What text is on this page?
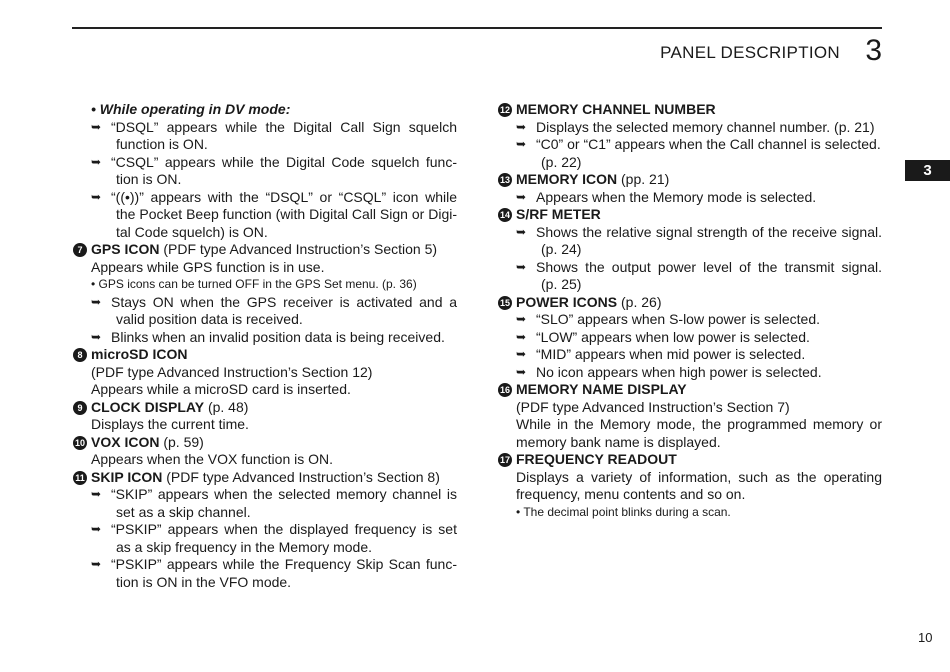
PANEL DESCRIPTION 3
3
• While operating in DV mode:
➥ “DSQL” appears while the Digital Call Sign squelch
function is ON.
➥ “CSQL” appears while the Digital Code squelch func-
tion is ON.
➥ “((•))” appears with the “DSQL” or “CSQL” icon while
the Pocket Beep function (with Digital Call Sign or Digi-
tal Code squelch) is ON.
7 GPS ICON (PDF type Advanced Instruction’s Section 5)
Appears while GPS function is in use.
• GPS icons can be turned OFF in the GPS Set menu. (p. 36)
➥ Stays ON when the GPS receiver is activated and a
valid position data is received.
➥ Blinks when an invalid position data is being received.
8 microSD ICON
(PDF type Advanced Instruction’s Section 12)
Appears while a microSD card is inserted.
9 CLOCK DISPLAY (p. 48)
Displays the current time.
10 VOX ICON (p. 59)
Appears when the VOX function is ON.
11 SKIP ICON (PDF type Advanced Instruction’s Section 8)
➥ “SKIP” appears when the selected memory channel is
set as a skip channel.
➥ “PSKIP” appears when the displayed frequency is set
as a skip frequency in the Memory mode.
➥ “PSKIP” appears while the Frequency Skip Scan func-
tion is ON in the VFO mode.
12 MEMORY CHANNEL NUMBER
➥ Displays the selected memory channel number. (p. 21)
➥ “C0” or “C1” appears when the Call channel is selected.
(p. 22)
13 MEMORY ICON (pp. 21)
➥ Appears when the Memory mode is selected.
14 S/RF METER
➥ Shows the relative signal strength of the receive signal.
(p. 24)
➥ Shows the output power level of the transmit signal.
(p. 25)
15 POWER ICONS (p. 26)
➥ “SLO” appears when S-low power is selected.
➥ “LOW” appears when low power is selected.
➥ “MID” appears when mid power is selected.
➥ No icon appears when high power is selected.
16 MEMORY NAME DISPLAY
(PDF type Advanced Instruction’s Section 7)
While in the Memory mode, the programmed memory or
memory bank name is displayed.
17 FREQUENCY READOUT
Displays a variety of information, such as the operating
frequency, menu contents and so on.
• The decimal point blinks during a scan.
10
